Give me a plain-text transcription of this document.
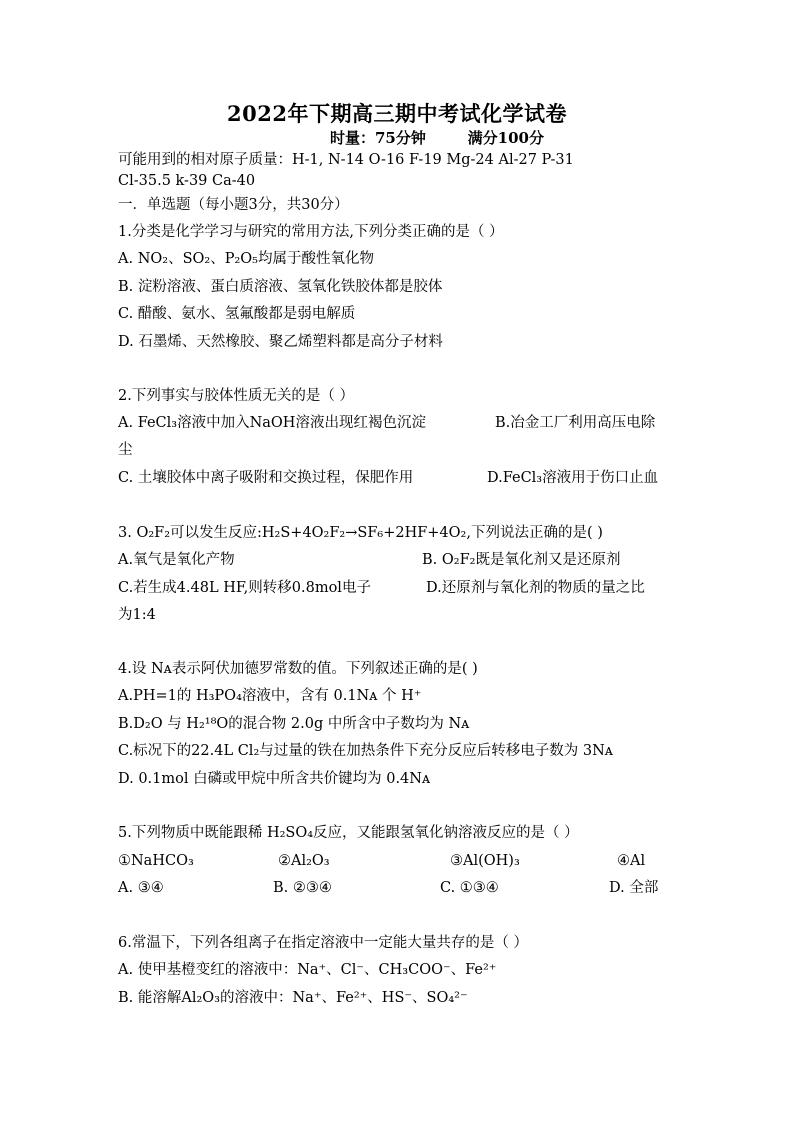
2022年下期高三期中考试化学试卷
时量：75分钟        满分100分
可能用到的相对原子质量：H-1, N-14 O-16 F-19 Mg-24 Al-27 P-31
Cl-35.5 k-39 Ca-40
一．单选题（每小题3分，共30分）
1.分类是化学学习与研究的常用方法,下列分类正确的是（ ）
A. NO₂、SO₂、P₂O₅均属于酸性氧化物
B. 淀粉溶液、蛋白质溶液、氢氧化铁胶体都是胶体
C. 醋酸、氨水、氢氟酸都是弱电解质
D. 石墨烯、天然橡胶、聚乙烯塑料都是高分子材料
2.下列事实与胶体性质无关的是（ ）
A. FeCl₃溶液中加入NaOH溶液出现红褐色沉淀	B.冶金工厂利用高压电除
尘
C. 土壤胶体中离子吸附和交换过程，保肥作用	D.FeCl₃溶液用于伤口止血
3. O₂F₂可以发生反应:H₂S+4O₂F₂→SF₆+2HF+4O₂,下列说法正确的是( )
A.氧气是氧化产物	B. O₂F₂既是氧化剂又是还原剂
C.若生成4.48L HF,则转移0.8mol电子	D.还原剂与氧化剂的物质的量之比
为1:4
4.设 Nᴀ表示阿伏加德罗常数的值。下列叙述正确的是( )
A.PH=1的 H₃PO₄溶液中，含有 0.1Nᴀ 个 H⁺
B.D₂O 与 H₂¹⁸O的混合物 2.0g 中所含中子数均为 Nᴀ
C.标况下的22.4L Cl₂与过量的铁在加热条件下充分反应后转移电子数为 3Nᴀ
D. 0.1mol 白磷或甲烷中所含共价键均为 0.4Nᴀ
5.下列物质中既能跟稀 H₂SO₄反应，又能跟氢氧化钠溶液反应的是（ ）
①NaHCO₃	②Al₂O₃	③Al(OH)₃	④Al
A. ③④	B. ②③④	C. ①③④	D. 全部
6.常温下，下列各组离子在指定溶液中一定能大量共存的是（ ）
A. 使甲基橙变红的溶液中：Na⁺、Cl⁻、CH₃COO⁻、Fe²⁺
B. 能溶解Al₂O₃的溶液中：Na⁺、Fe²⁺、HS⁻、SO₄²⁻
